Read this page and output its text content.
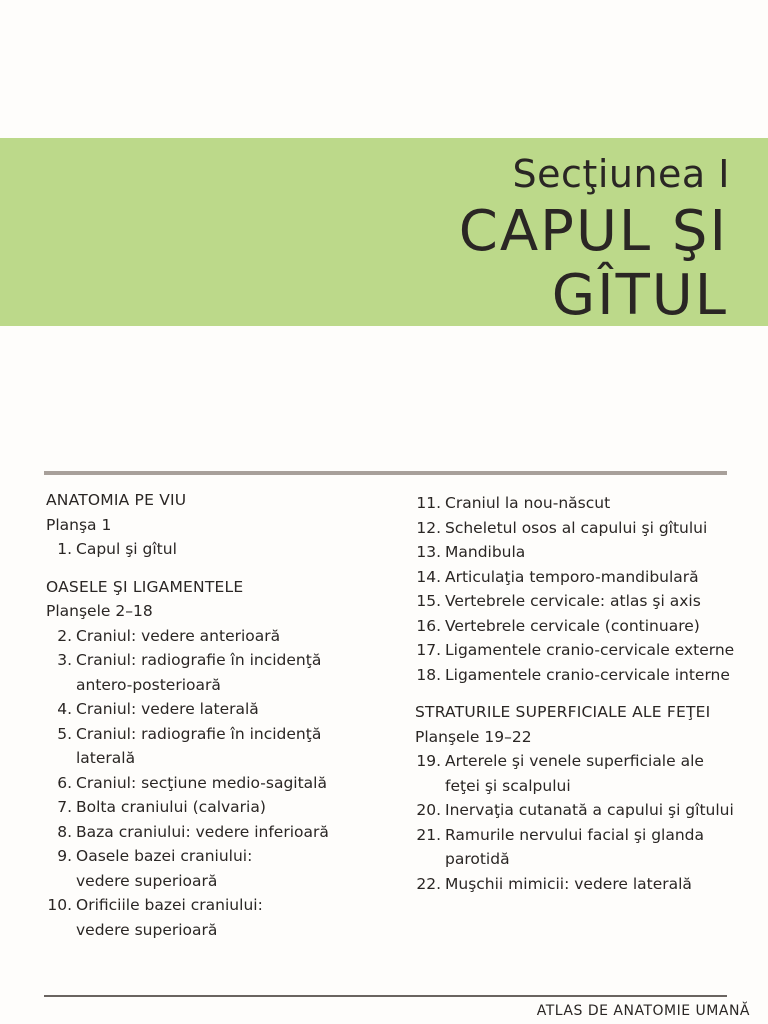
Secţiunea I
CAPUL ŞI
GÎTUL
ANATOMIA PE VIU
Planşa 1
1. Capul şi gîtul
OASELE ŞI LIGAMENTELE
Planşele 2–18
2. Craniul: vedere anterioară
3. Craniul: radiografie în incidenţă
antero-posterioară
4. Craniul: vedere laterală
5. Craniul: radiografie în incidenţă
laterală
6. Craniul: secţiune medio-sagitală
7. Bolta craniului (calvaria)
8. Baza craniului: vedere inferioară
9. Oasele bazei craniului:
vedere superioară
10. Orificiile bazei craniului:
vedere superioară
11. Craniul la nou-născut
12. Scheletul osos al capului şi gîtului
13. Mandibula
14. Articulaţia temporo-mandibulară
15. Vertebrele cervicale: atlas şi axis
16. Vertebrele cervicale (continuare)
17. Ligamentele cranio-cervicale externe
18. Ligamentele cranio-cervicale interne
STRATURILE SUPERFICIALE ALE FEŢEI
Planşele 19–22
19. Arterele şi venele superficiale ale
feţei şi scalpului
20. Inervaţia cutanată a capului şi gîtului
21. Ramurile nervului facial şi glanda
parotidă
22. Muşchii mimicii: vedere laterală
ATLAS DE ANATOMIE UMANĂ
